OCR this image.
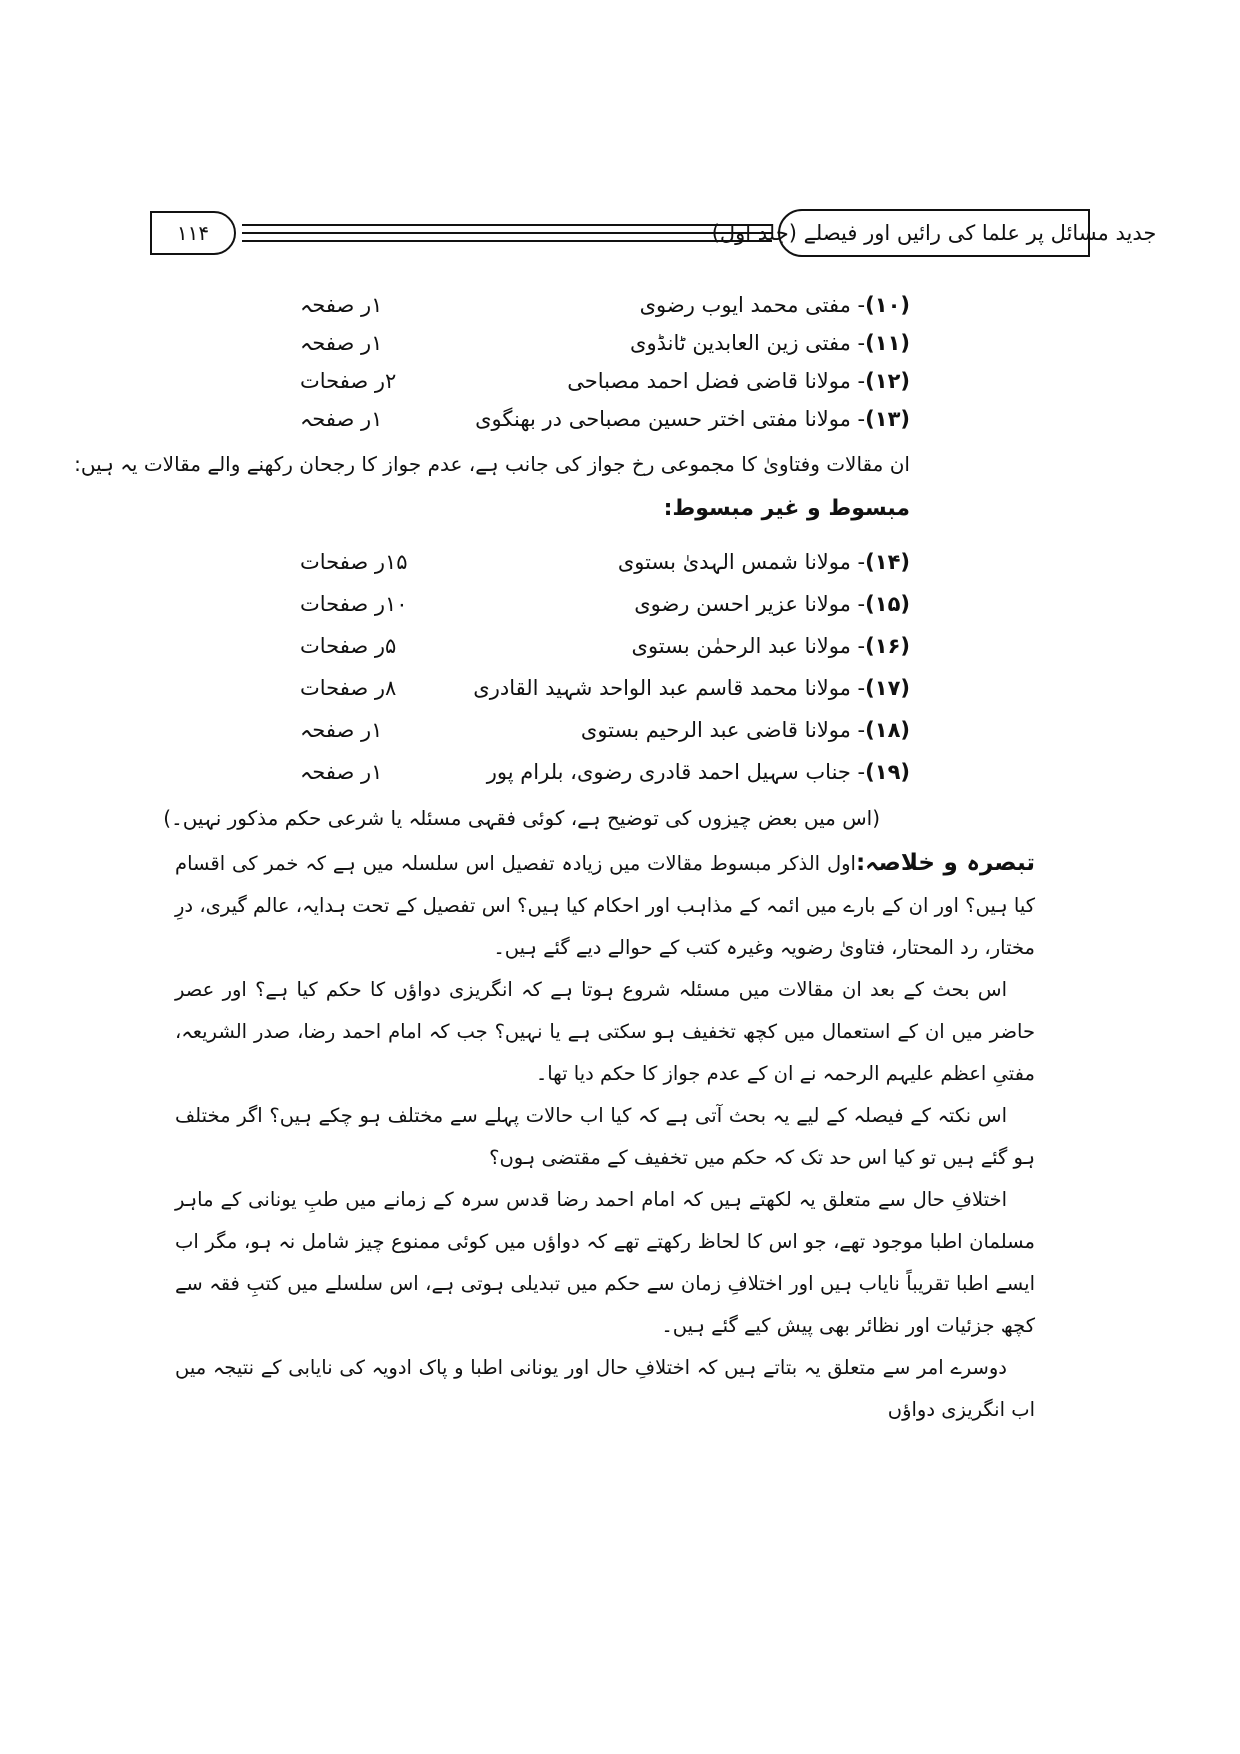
۱۱۴	جدید مسائل پر علما کی رائیں اور فیصلے (جلد اول)
(۱۰)- مفتی محمد ایوب رضوی
۱ر صفحہ
(۱۱)- مفتی زین العابدین ٹانڈوی
۱ر صفحہ
(۱۲)- مولانا قاضی فضل احمد مصباحی
۲ر صفحات
(۱۳)- مولانا مفتی اختر حسین مصباحی در بھنگوی
۱ر صفحہ
ان مقالات وفتاویٰ کا مجموعی رخ جواز کی جانب ہے، عدم جواز کا رجحان رکھنے والے مقالات یہ ہیں:
مبسوط و غیر مبسوط:
(۱۴)- مولانا شمس الہدیٰ بستوی
۱۵ر صفحات
(۱۵)- مولانا عزیر احسن رضوی
۱۰ر صفحات
(۱۶)- مولانا عبد الرحمٰن بستوی
۵ر صفحات
(۱۷)- مولانا محمد قاسم عبد الواحد شہید القادری
۸ر صفحات
(۱۸)- مولانا قاضی عبد الرحیم بستوی
۱ر صفحہ
(۱۹)- جناب سہیل احمد قادری رضوی، بلرام پور
۱ر صفحہ
(اس میں بعض چیزوں کی توضیح ہے، کوئی فقہی مسئلہ یا شرعی حکم مذکور نہیں۔)

تبصرہ و خلاصہ:اول الذکر مبسوط مقالات میں زیادہ تفصیل اس سلسلہ میں ہے کہ خمر کی اقسام کیا ہیں؟ اور ان کے بارے میں ائمہ کے مذاہب اور احکام کیا ہیں؟ اس تفصیل کے تحت ہدایہ، عالم گیری، درِ مختار، رد المحتار، فتاویٰ رضویہ وغیرہ کتب کے حوالے دیے گئے ہیں۔

اس بحث کے بعد ان مقالات میں مسئلہ شروع ہوتا ہے کہ انگریزی دواؤں کا حکم کیا ہے؟ اور عصر حاضر میں ان کے استعمال میں کچھ تخفیف ہو سکتی ہے یا نہیں؟ جب کہ امام احمد رضا، صدر الشریعہ، مفتیِ اعظم علیہم الرحمہ نے ان کے عدم جواز کا حکم دیا تھا۔

اس نکتہ کے فیصلہ کے لیے یہ بحث آتی ہے کہ کیا اب حالات پہلے سے مختلف ہو چکے ہیں؟ اگر مختلف ہو گئے ہیں تو کیا اس حد تک کہ حکم میں تخفیف کے مقتضی ہوں؟

اختلافِ حال سے متعلق یہ لکھتے ہیں کہ امام احمد رضا قدس سرہ کے زمانے میں طبِ یونانی کے ماہر مسلمان اطبا موجود تھے، جو اس کا لحاظ رکھتے تھے کہ دواؤں میں کوئی ممنوع چیز شامل نہ ہو، مگر اب ایسے اطبا تقریباً نایاب ہیں اور اختلافِ زمان سے حکم میں تبدیلی ہوتی ہے، اس سلسلے میں کتبِ فقہ سے کچھ جزئیات اور نظائر بھی پیش کیے گئے ہیں۔

دوسرے امر سے متعلق یہ بتاتے ہیں کہ اختلافِ حال اور یونانی اطبا و پاک ادویہ کی نایابی کے نتیجہ میں اب انگریزی دواؤں
